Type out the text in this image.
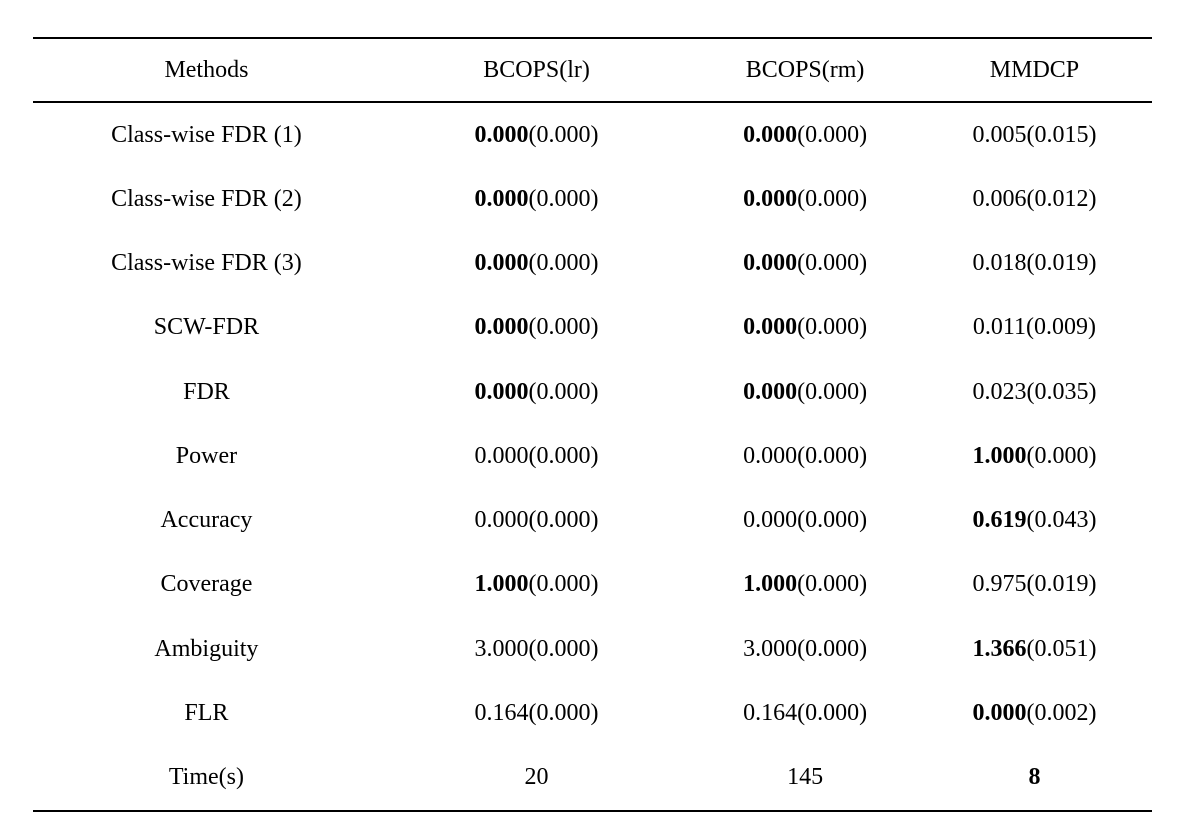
Methods	BCOPS(lr)	BCOPS(rm)	MMDCP
Class-wise FDR (1)	0.000(0.000)	0.000(0.000)	0.005(0.015)
Class-wise FDR (2)	0.000(0.000)	0.000(0.000)	0.006(0.012)
Class-wise FDR (3)	0.000(0.000)	0.000(0.000)	0.018(0.019)
SCW-FDR	0.000(0.000)	0.000(0.000)	0.011(0.009)
FDR	0.000(0.000)	0.000(0.000)	0.023(0.035)
Power	0.000(0.000)	0.000(0.000)	1.000(0.000)
Accuracy	0.000(0.000)	0.000(0.000)	0.619(0.043)
Coverage	1.000(0.000)	1.000(0.000)	0.975(0.019)
Ambiguity	3.000(0.000)	3.000(0.000)	1.366(0.051)
FLR	0.164(0.000)	0.164(0.000)	0.000(0.002)
Time(s)	20	145	8
